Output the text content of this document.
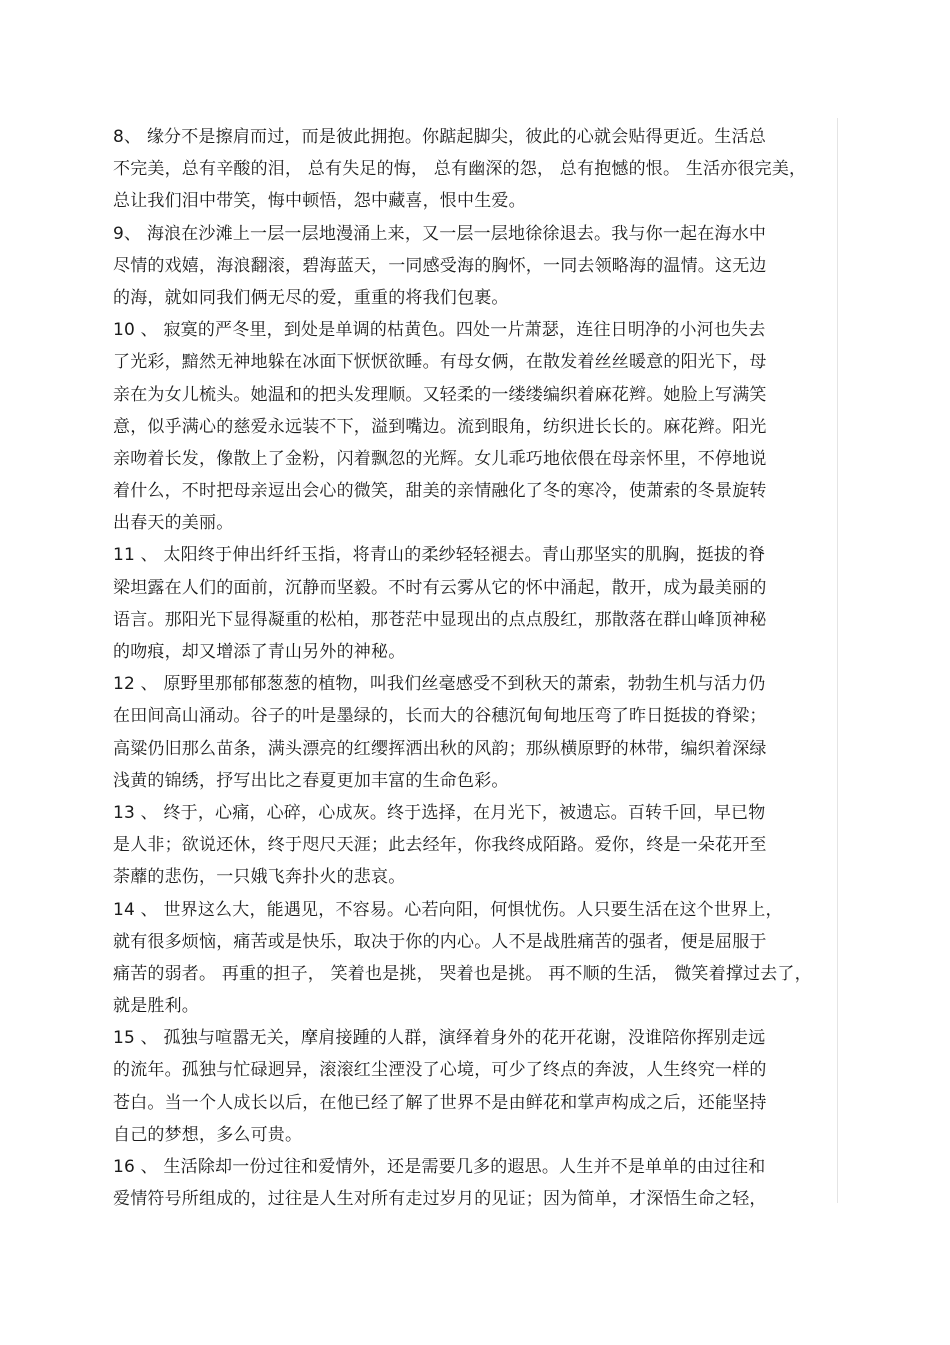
8、 缘分不是擦肩而过，而是彼此拥抱。你踮起脚尖，彼此的心就会贴得更近。生活总
不完美，总有辛酸的泪， 总有失足的悔， 总有幽深的怨， 总有抱憾的恨。 生活亦很完美，
总让我们泪中带笑，悔中顿悟，怨中藏喜，恨中生爱。
9、 海浪在沙滩上一层一层地漫涌上来，又一层一层地徐徐退去。我与你一起在海水中
尽情的戏嬉，海浪翻滚，碧海蓝天，一同感受海的胸怀，一同去领略海的温情。这无边
的海，就如同我们俩无尽的爱，重重的将我们包裹。
10 、 寂寞的严冬里，到处是单调的枯黄色。四处一片萧瑟，连往日明净的小河也失去
了光彩，黯然无神地躲在冰面下恹恹欲睡。有母女俩，在散发着丝丝暖意的阳光下，母
亲在为女儿梳头。她温和的把头发理顺。又轻柔的一缕缕编织着麻花辫。她脸上写满笑
意，似乎满心的慈爱永远装不下，溢到嘴边。流到眼角，纺织进长长的。麻花辫。阳光
亲吻着长发，像散上了金粉，闪着飘忽的光辉。女儿乖巧地依偎在母亲怀里，不停地说
着什么，不时把母亲逗出会心的微笑，甜美的亲情融化了冬的寒冷，使萧索的冬景旋转
出春天的美丽。
11 、 太阳终于伸出纤纤玉指，将青山的柔纱轻轻褪去。青山那坚实的肌胸，挺拔的脊
梁坦露在人们的面前，沉静而坚毅。不时有云雾从它的怀中涌起，散开，成为最美丽的
语言。那阳光下显得凝重的松柏，那苍茫中显现出的点点殷红，那散落在群山峰顶神秘
的吻痕，却又增添了青山另外的神秘。
12 、 原野里那郁郁葱葱的植物，叫我们丝毫感受不到秋天的萧索，勃勃生机与活力仍
在田间高山涌动。谷子的叶是墨绿的，长而大的谷穗沉甸甸地压弯了昨日挺拔的脊梁；
高粱仍旧那么苗条，满头漂亮的红缨挥洒出秋的风韵；那纵横原野的林带，编织着深绿
浅黄的锦绣，抒写出比之春夏更加丰富的生命色彩。
13 、 终于，心痛，心碎，心成灰。终于选择，在月光下，被遗忘。百转千回，早已物
是人非；欲说还休，终于咫尺天涯；此去经年，你我终成陌路。爱你，终是一朵花开至
荼蘼的悲伤，一只娥飞奔扑火的悲哀。
14 、 世界这么大，能遇见，不容易。心若向阳，何惧忧伤。人只要生活在这个世界上，
就有很多烦恼，痛苦或是快乐，取决于你的内心。人不是战胜痛苦的强者，便是屈服于
痛苦的弱者。 再重的担子， 笑着也是挑， 哭着也是挑。 再不顺的生活， 微笑着撑过去了，
就是胜利。
15 、 孤独与喧嚣无关，摩肩接踵的人群，演绎着身外的花开花谢，没谁陪你挥别走远
的流年。孤独与忙碌迥异，滚滚红尘湮没了心境，可少了终点的奔波，人生终究一样的
苍白。当一个人成长以后，在他已经了解了世界不是由鲜花和掌声构成之后，还能坚持
自己的梦想，多么可贵。
16 、 生活除却一份过往和爱情外，还是需要几多的遐思。人生并不是单单的由过往和
爱情符号所组成的，过往是人生对所有走过岁月的见证；因为简单，才深悟生命之轻，
